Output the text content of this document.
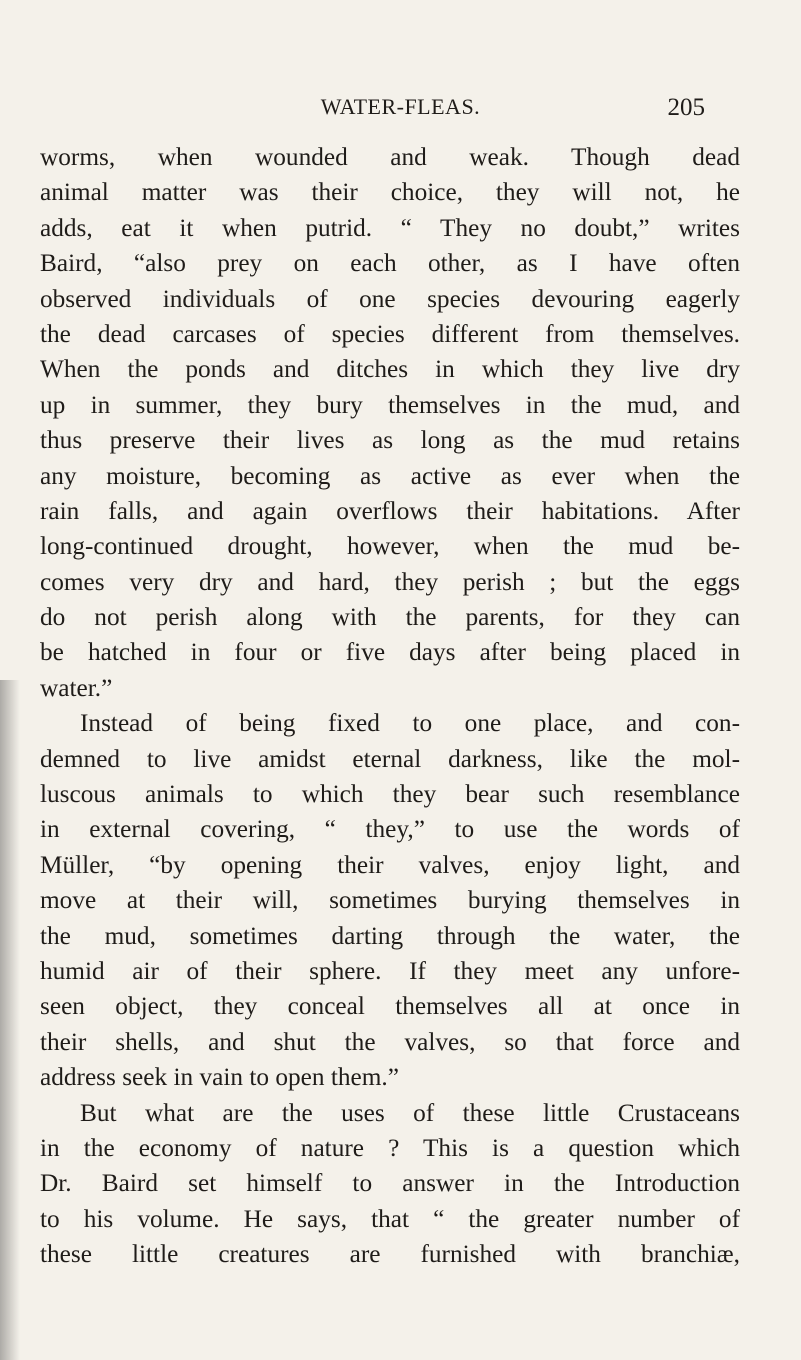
WATER-FLEAS.	205
worms, when wounded and weak. Though dead
animal matter was their choice, they will not, he
adds, eat it when putrid. “ They no doubt,” writes
Baird, “also prey on each other, as I have often
observed individuals of one species devouring eagerly
the dead carcases of species different from themselves.
When the ponds and ditches in which they live dry
up in summer, they bury themselves in the mud, and
thus preserve their lives as long as the mud retains
any moisture, becoming as active as ever when the
rain falls, and again overflows their habitations. After
long-continued drought, however, when the mud be-
comes very dry and hard, they perish ; but the eggs
do not perish along with the parents, for they can
be hatched in four or five days after being placed in
water.”
Instead of being fixed to one place, and con-
demned to live amidst eternal darkness, like the mol-
luscous animals to which they bear such resemblance
in external covering, “ they,” to use the words of
Müller, “by opening their valves, enjoy light, and
move at their will, sometimes burying themselves in
the mud, sometimes darting through the water, the
humid air of their sphere. If they meet any unfore-
seen object, they conceal themselves all at once in
their shells, and shut the valves, so that force and
address seek in vain to open them.”
But what are the uses of these little Crustaceans
in the economy of nature ? This is a question which
Dr. Baird set himself to answer in the Introduction
to his volume. He says, that “ the greater number of
these little creatures are furnished with branchiæ,
